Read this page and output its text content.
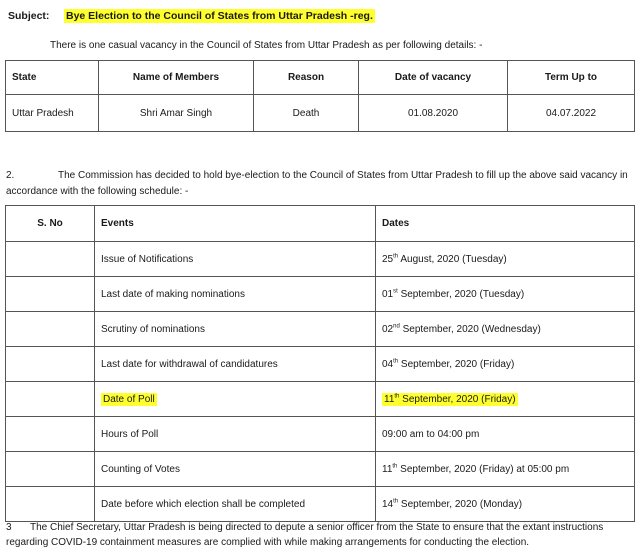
Subject: Bye Election to the Council of States from Uttar Pradesh -reg.
There is one casual vacancy in the Council of States from Uttar Pradesh as per following details: -
State	Name of Members	Reason	Date of vacancy	Term Up to
Uttar Pradesh	Shri Amar Singh	Death	01.08.2020	04.07.2022
2.	The Commission has decided to hold bye-election to the Council of States from Uttar Pradesh to fill up the above said vacancy in accordance with the following schedule: -
S. No	Events	Dates
	Issue of Notifications	25th August, 2020 (Tuesday)
	Last date of making nominations	01st September, 2020 (Tuesday)
	Scrutiny of nominations	02nd September, 2020 (Wednesday)
	Last date for withdrawal of candidatures	04th September, 2020 (Friday)
	Date of Poll	11th September, 2020 (Friday)
	Hours of Poll	09:00 am to 04:00 pm
	Counting of Votes	11th September, 2020 (Friday) at 05:00 pm
	Date before which election shall be completed	14th September, 2020 (Monday)
3 The Chief Secretary, Uttar Pradesh is being directed to depute a senior officer from the State to ensure that the extant instructions regarding COVID-19 containment measures are complied with while making arrangements for conducting the election.
